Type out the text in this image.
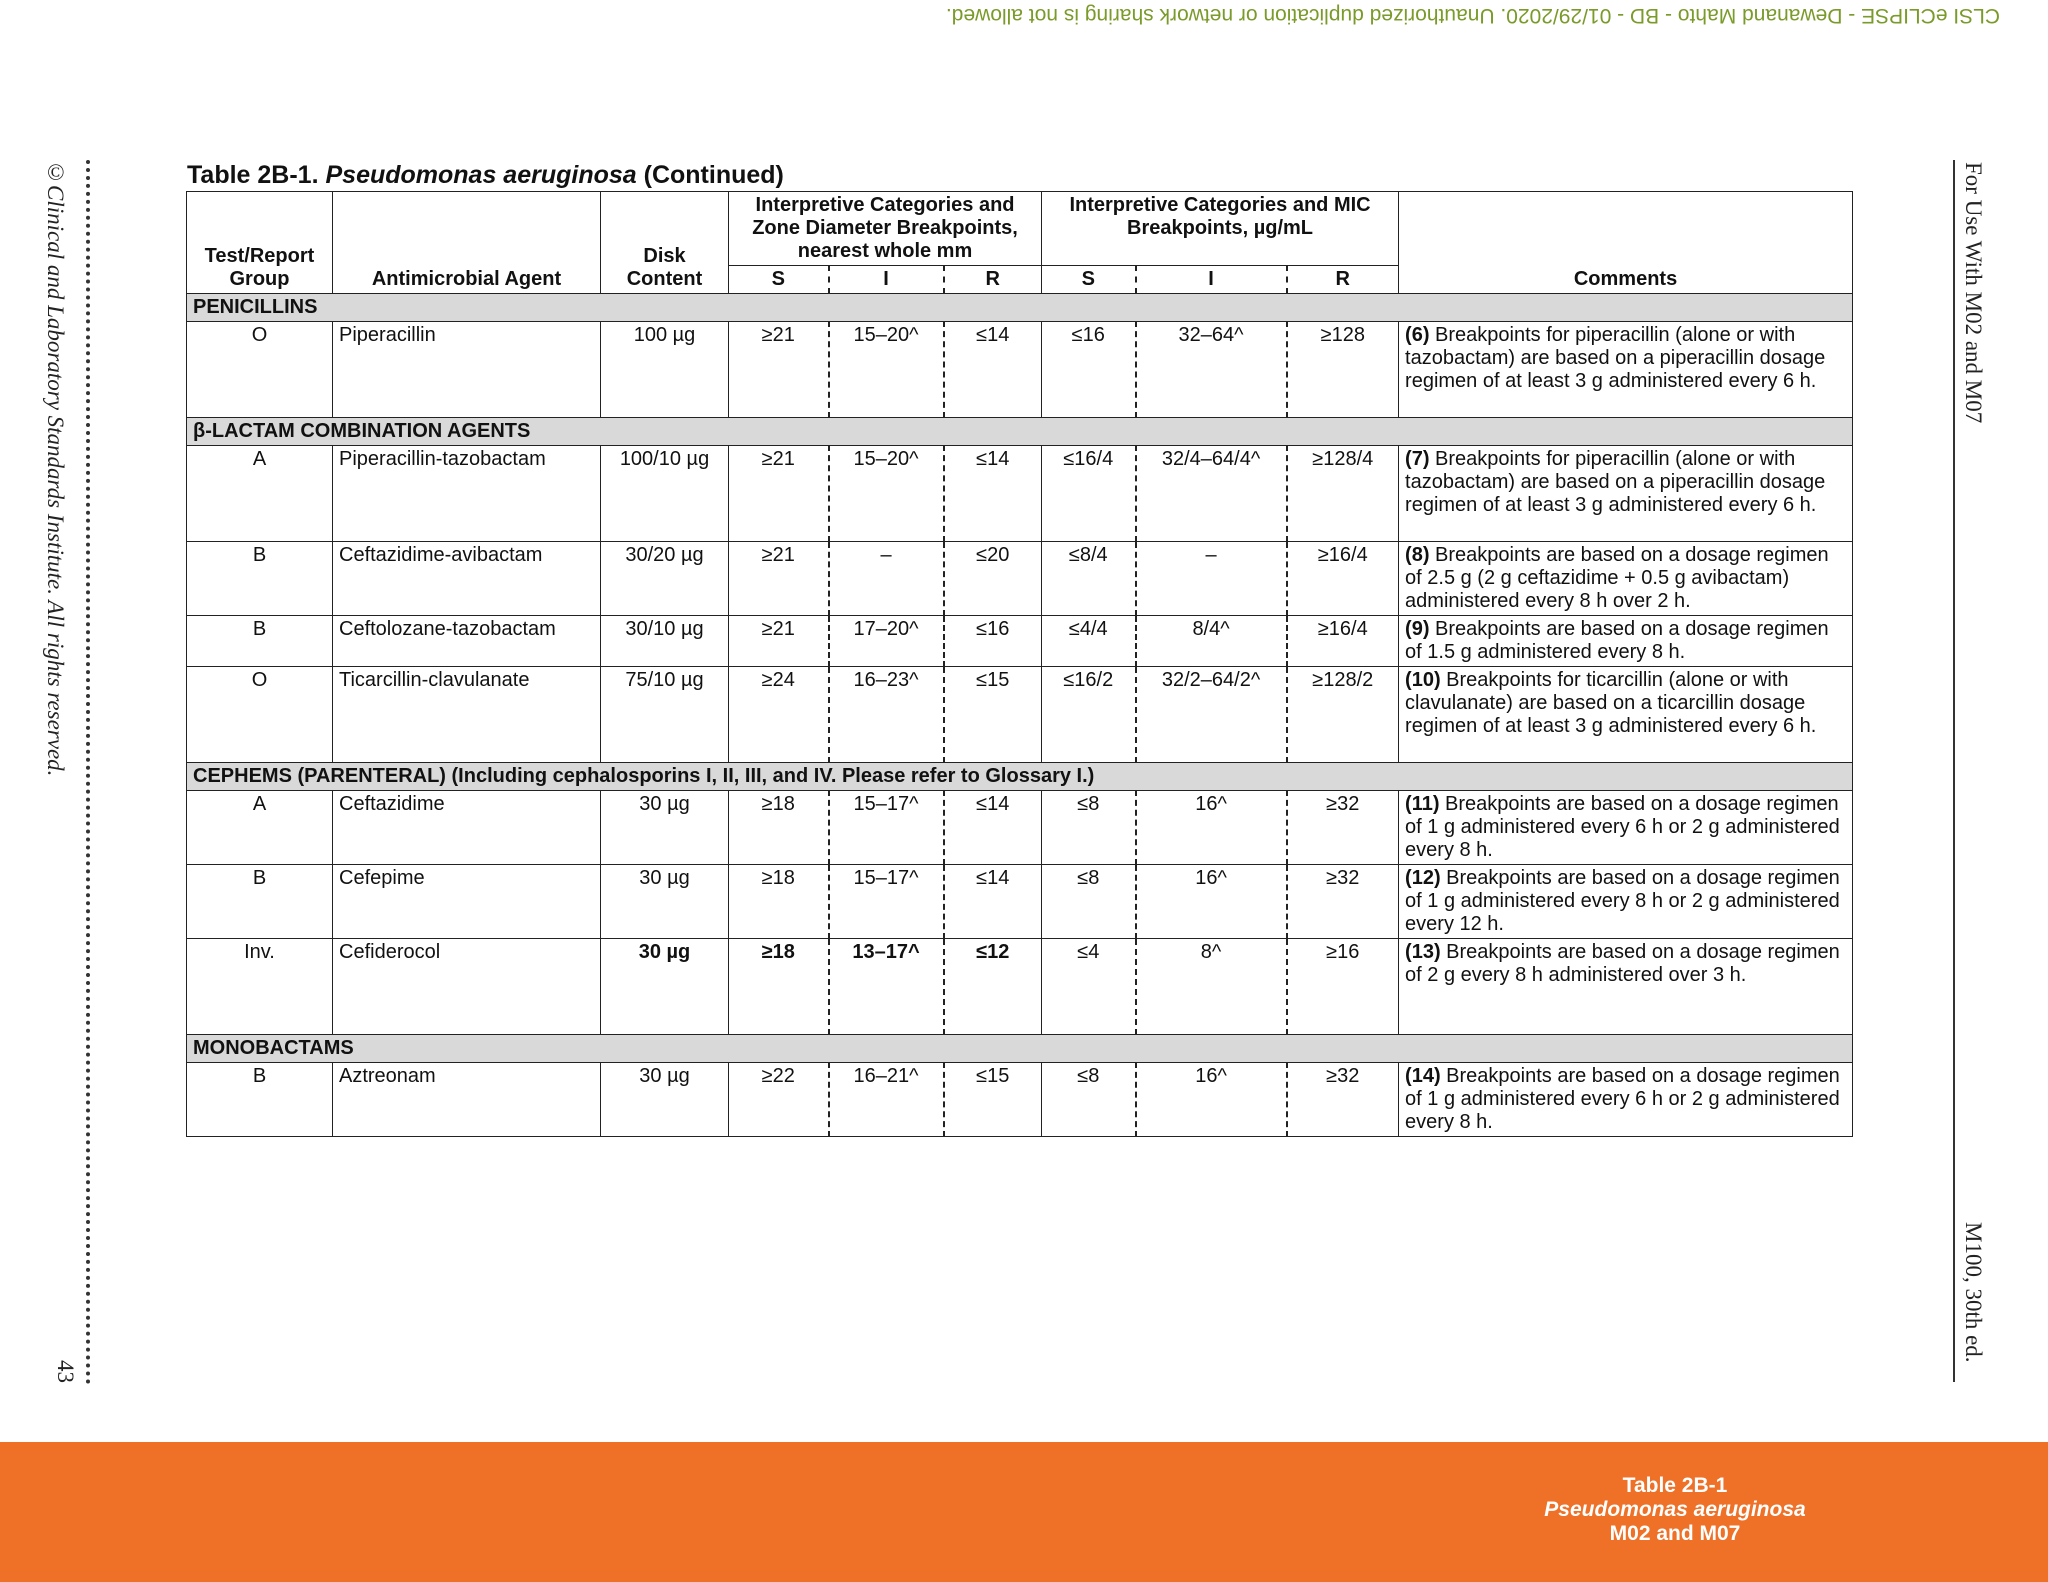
CLSI eCLIPSE - Dewanand Mahto - BD - 01/29/2020. Unauthorized duplication or network sharing is not allowed.
©Clinical and Laboratory Standards Institute. All rights reserved.
43
For Use With M02 and M07
M100, 30th ed.
Table 2B-1. Pseudomonas aeruginosa (Continued)
Test/Report Group	Antimicrobial Agent	Disk Content	Interpretive Categories and Zone Diameter Breakpoints, nearest whole mm			Interpretive Categories and MIC Breakpoints, µg/mL			Comments
			S	I	R	S	I	R	
PENICILLINS									
O	Piperacillin	100 µg	≥21	15–20^	≤14	≤16	32–64^	≥128	(6) Breakpoints for piperacillin (alone or with tazobactam) are based on a piperacillin dosage regimen of at least 3 g administered every 6 h.
β-LACTAM COMBINATION AGENTS									
A	Piperacillin-tazobactam	100/10 µg	≥21	15–20^	≤14	≤16/4	32/4–64/4^	≥128/4	(7) Breakpoints for piperacillin (alone or with tazobactam) are based on a piperacillin dosage regimen of at least 3 g administered every 6 h.
B	Ceftazidime-avibactam	30/20 µg	≥21	–	≤20	≤8/4	–	≥16/4	(8) Breakpoints are based on a dosage regimen of 2.5 g (2 g ceftazidime + 0.5 g avibactam) administered every 8 h over 2 h.
B	Ceftolozane-tazobactam	30/10 µg	≥21	17–20^	≤16	≤4/4	8/4^	≥16/4	(9) Breakpoints are based on a dosage regimen of 1.5 g administered every 8 h.
O	Ticarcillin-clavulanate	75/10 µg	≥24	16–23^	≤15	≤16/2	32/2–64/2^	≥128/2	(10) Breakpoints for ticarcillin (alone or with clavulanate) are based on a ticarcillin dosage regimen of at least 3 g administered every 6 h.
CEPHEMS (PARENTERAL) (Including cephalosporins I, II, III, and IV. Please refer to Glossary I.)									
A	Ceftazidime	30 µg	≥18	15–17^	≤14	≤8	16^	≥32	(11) Breakpoints are based on a dosage regimen of 1 g administered every 6 h or 2 g administered every 8 h.
B	Cefepime	30 µg	≥18	15–17^	≤14	≤8	16^	≥32	(12) Breakpoints are based on a dosage regimen of 1 g administered every 8 h or 2 g administered every 12 h.
Inv.	Cefiderocol	30 µg	≥18	13–17^	≤12	≤4	8^	≥16	(13) Breakpoints are based on a dosage regimen of 2 g every 8 h administered over 3 h.
MONOBACTAMS									
B	Aztreonam	30 µg	≥22	16–21^	≤15	≤8	16^	≥32	(14) Breakpoints are based on a dosage regimen of 1 g administered every 6 h or 2 g administered every 8 h.
Table 2B-1
Pseudomonas aeruginosa
M02 and M07
